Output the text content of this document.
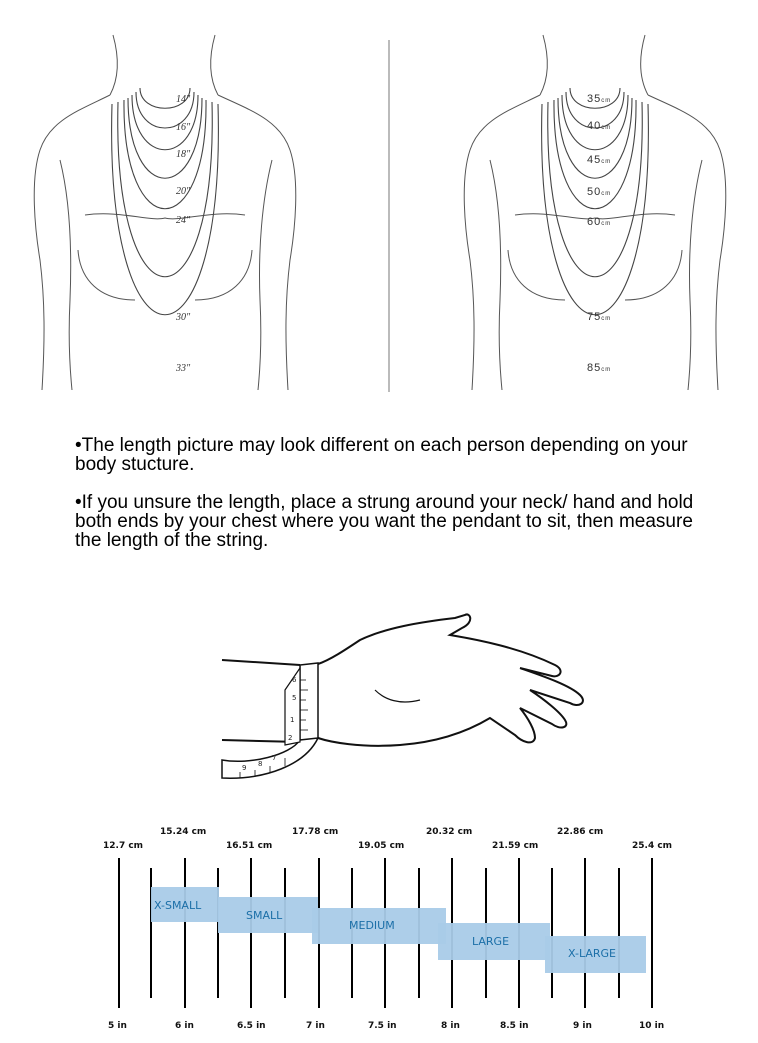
14"
16"
18"
20"
24"
30"
33"
35cm
40cm
45cm
50cm
60cm
75cm
85cm
9 8
7
6
5
1
2
12.7 cm
15.24 cm
16.51 cm
17.78 cm
19.05 cm
20.32 cm
21.59 cm
22.86 cm
25.4 cm
5 in	6 in	6.5 in	7 in	7.5 in	8 in	8.5 in	9 in	10 in
X-SMALL
SMALL
MEDIUM
LARGE
X-LARGE

•The length picture may look different on each person depending on your body stucture.

•If you unsure the length, place a strung around your neck/ hand and hold both ends by your chest where you want the pendant to sit, then measure the length of the string.
